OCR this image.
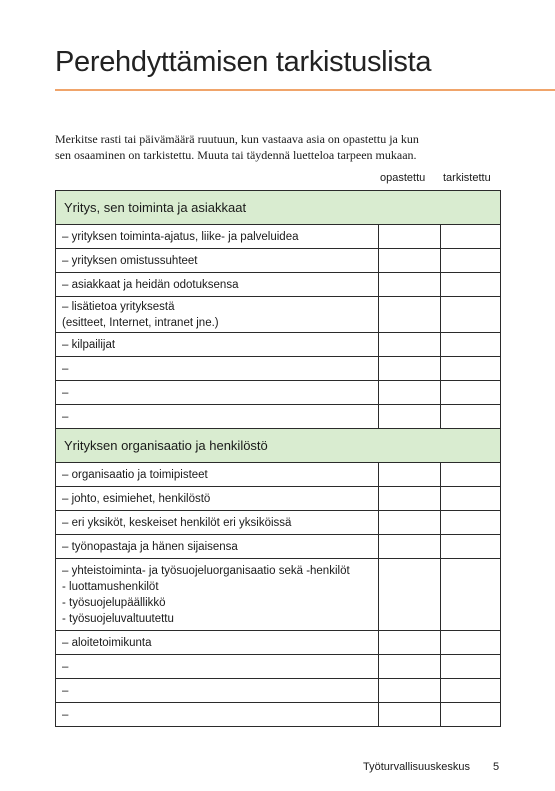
Perehdyttämisen tarkistuslista
Merkitse rasti tai päivämäärä ruutuun, kun vastaava asia on opastettu ja kun
sen osaaminen on tarkistettu. Muuta tai täydennä luetteloa tarpeen mukaan.
opastettu tarkistettu
Yritys, sen toiminta ja asiakkaat		
– yrityksen toiminta-ajatus, liike- ja palveluidea		
– yrityksen omistussuhteet		
– asiakkaat ja heidän odotuksensa		
– lisätietoa yrityksestä
(esitteet, Internet, intranet jne.)		
– kilpailijat		
–		
–		
–		
Yrityksen organisaatio ja henkilöstö		
– organisaatio ja toimipisteet		
– johto, esimiehet, henkilöstö		
– eri yksiköt, keskeiset henkilöt eri yksiköissä		
– työnopastaja ja hänen sijaisensa		
– yhteistoiminta- ja työsuojeluorganisaatio sekä -henkilöt
- luottamushenkilöt
- työsuojelupäällikkö
- työsuojeluvaltuutettu		
– aloitetoimikunta		
–		
–		
–		
Työturvallisuuskeskus 5
